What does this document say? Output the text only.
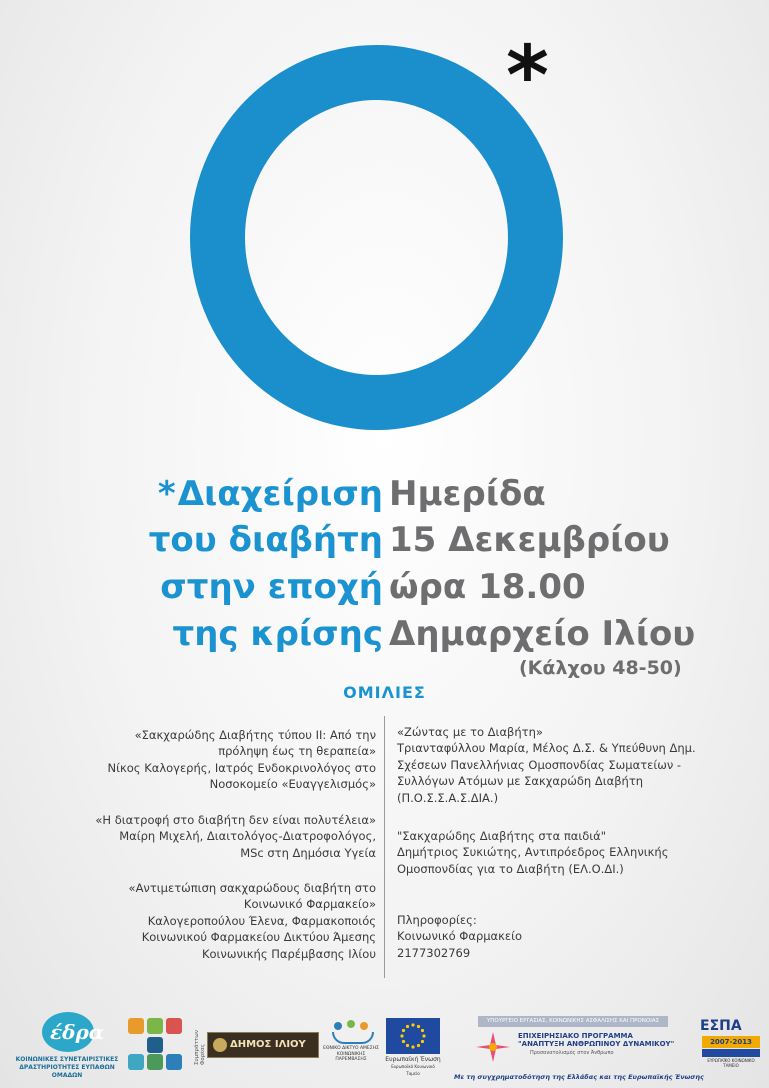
*
*Διαχείριση
του διαβήτη
στην εποχή
της κρίσης
Ημερίδα
15 Δεκεμβρίου
ώρα 18.00
Δημαρχείο Ιλίου
(Κάλχου 48-50)
ΟΜΙΛΙΕΣ
«Σακχαρώδης Διαβήτης τύπου ΙΙ: Από την
πρόληψη έως τη θεραπεία»
Νίκος Καλογερής, Ιατρός Ενδοκρινολόγος στο
Νοσοκομείο «Ευαγγελισμός»
«Η διατροφή στο διαβήτη δεν είναι πολυτέλεια»
Μαίρη Μιχελή, Διαιτολόγος-Διατροφολόγος,
MSc στη Δημόσια Υγεία
«Αντιμετώπιση σακχαρώδους διαβήτη στο
Κοινωνικό Φαρμακείο»
Καλογεροπούλου Έλενα, Φαρμακοποιός
Κοινωνικού Φαρμακείου Δικτύου Άμεσης
Κοινωνικής Παρέμβασης Ιλίου
«Ζώντας με το Διαβήτη»
Τριανταφύλλου Μαρία, Μέλος Δ.Σ. & Υπεύθυνη Δημ.
Σχέσεων Πανελλήνιας Ομοσπονδίας Σωματείων -
Συλλόγων Ατόμων με Σακχαρώδη Διαβήτη
(Π.Ο.Σ.Σ.Α.Σ.ΔΙΑ.)
"Σακχαρώδης Διαβήτης στα παιδιά"
Δημήτριος Συκιώτης, Αντιπρόεδρος Ελληνικής
Ομοσπονδίας για το Διαβήτη (ΕΛ.Ο.ΔΙ.)
Πληροφορίες:
Κοινωνικό Φαρμακείο
2177302769
έδρα
ΚΟΙΝΩΝΙΚΕΣ ΣΥΝΕΤΑΙΡΙΣΤΙΚΕΣ ΔΡΑΣΤΗΡΙΟΤΗΤΕΣ ΕΥΠΑΘΩΝ ΟΜΑΔΩΝ
Συμπράττων Φορέας ΔΗΜΟΣ ΙΛΙΟΥ	ΕΘΝΙΚΟ ΔΙΚΤΥΟ ΑΜΕΣΗΣ ΚΟΙΝΩΝΙΚΗΣ ΠΑΡΕΜΒΑΣΗΣ	Ευρωπαϊκή Ένωση
Ευρωπαϊκό Κοινωνικό Ταμείο
ΥΠΟΥΡΓΕΙΟ ΕΡΓΑΣΙΑΣ, ΚΟΙΝΩΝΙΚΗΣ ΑΣΦΑΛΙΣΗΣ ΚΑΙ ΠΡΟΝΟΙΑΣ
ΕΠΙΧΕΙΡΗΣΙΑΚΟ ΠΡΟΓΡΑΜΜΑ
"ΑΝΑΠΤΥΞΗ ΑΝΘΡΩΠΙΝΟΥ ΔΥΝΑΜΙΚΟΥ"
Προσανατολισμός στον Άνθρωπο
Με τη συγχρηματοδότηση της Ελλάδας και της Ευρωπαϊκής Ένωσης
ΕΣΠΑ
2007-2013
ΕΥΡΩΠΑΪΚΟ ΚΟΙΝΩΝΙΚΟ ΤΑΜΕΙΟ
